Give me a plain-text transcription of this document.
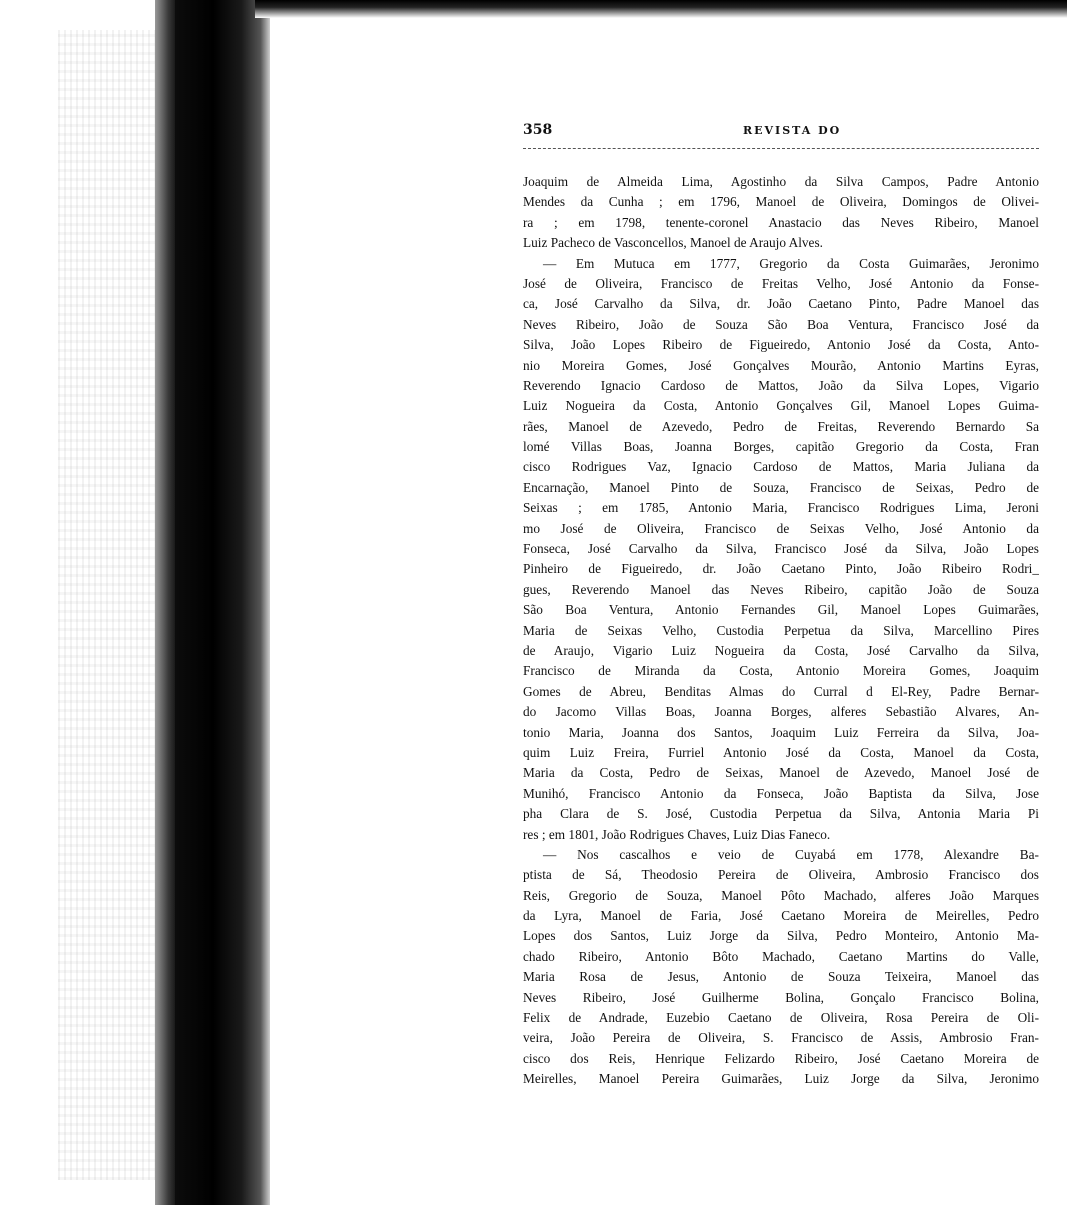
358	REVISTA DO
Joaquim de Almeida Lima, Agostinho da Silva Campos, Padre Antonio
Mendes da Cunha ; em 1796, Manoel de Oliveira, Domingos de Olivei-
ra ; em 1798, tenente-coronel Anastacio das Neves Ribeiro, Manoel
Luiz Pacheco de Vasconcellos, Manoel de Araujo Alves.
— Em Mutuca em 1777, Gregorio da Costa Guimarães, Jeronimo
José de Oliveira, Francisco de Freitas Velho, José Antonio da Fonse-
ca, José Carvalho da Silva, dr. João Caetano Pinto, Padre Manoel das
Neves Ribeiro, João de Souza São Boa Ventura, Francisco José da
Silva, João Lopes Ribeiro de Figueiredo, Antonio José da Costa, Anto-
nio Moreira Gomes, José Gonçalves Mourão, Antonio Martins Eyras,
Reverendo Ignacio Cardoso de Mattos, João da Silva Lopes, Vigario
Luiz Nogueira da Costa, Antonio Gonçalves Gil, Manoel Lopes Guima-
rães, Manoel de Azevedo, Pedro de Freitas, Reverendo Bernardo Sa
lomé Villas Boas, Joanna Borges, capitão Gregorio da Costa, Fran
cisco Rodrigues Vaz, Ignacio Cardoso de Mattos, Maria Juliana da
Encarnação, Manoel Pinto de Souza, Francisco de Seixas, Pedro de
Seixas ; em 1785, Antonio Maria, Francisco Rodrigues Lima, Jeroni
mo José de Oliveira, Francisco de Seixas Velho, José Antonio da
Fonseca, José Carvalho da Silva, Francisco José da Silva, João Lopes
Pinheiro de Figueiredo, dr. João Caetano Pinto, João Ribeiro Rodri_
gues, Reverendo Manoel das Neves Ribeiro, capitão João de Souza
São Boa Ventura, Antonio Fernandes Gil, Manoel Lopes Guimarães,
Maria de Seixas Velho, Custodia Perpetua da Silva, Marcellino Pires
de Araujo, Vigario Luiz Nogueira da Costa, José Carvalho da Silva,
Francisco de Miranda da Costa, Antonio Moreira Gomes, Joaquim
Gomes de Abreu, Benditas Almas do Curral d El-Rey, Padre Bernar-
do Jacomo Villas Boas, Joanna Borges, alferes Sebastião Alvares, An-
tonio Maria, Joanna dos Santos, Joaquim Luiz Ferreira da Silva, Joa-
quim Luiz Freira, Furriel Antonio José da Costa, Manoel da Costa,
Maria da Costa, Pedro de Seixas, Manoel de Azevedo, Manoel José de
Munihó, Francisco Antonio da Fonseca, João Baptista da Silva, Jose
pha Clara de S. José, Custodia Perpetua da Silva, Antonia Maria Pi
res ; em 1801, João Rodrigues Chaves, Luiz Dias Faneco.
— Nos cascalhos e veio de Cuyabá em 1778, Alexandre Ba-
ptista de Sá, Theodosio Pereira de Oliveira, Ambrosio Francisco dos
Reis, Gregorio de Souza, Manoel Pôto Machado, alferes João Marques
da Lyra, Manoel de Faria, José Caetano Moreira de Meirelles, Pedro
Lopes dos Santos, Luiz Jorge da Silva, Pedro Monteiro, Antonio Ma-
chado Ribeiro, Antonio Bôto Machado, Caetano Martins do Valle,
Maria Rosa de Jesus, Antonio de Souza Teixeira, Manoel das
Neves Ribeiro, José Guilherme Bolina, Gonçalo Francisco Bolina,
Felix de Andrade, Euzebio Caetano de Oliveira, Rosa Pereira de Oli-
veira, João Pereira de Oliveira, S. Francisco de Assis, Ambrosio Fran-
cisco dos Reis, Henrique Felizardo Ribeiro, José Caetano Moreira de
Meirelles, Manoel Pereira Guimarães, Luiz Jorge da Silva, Jeronimo
